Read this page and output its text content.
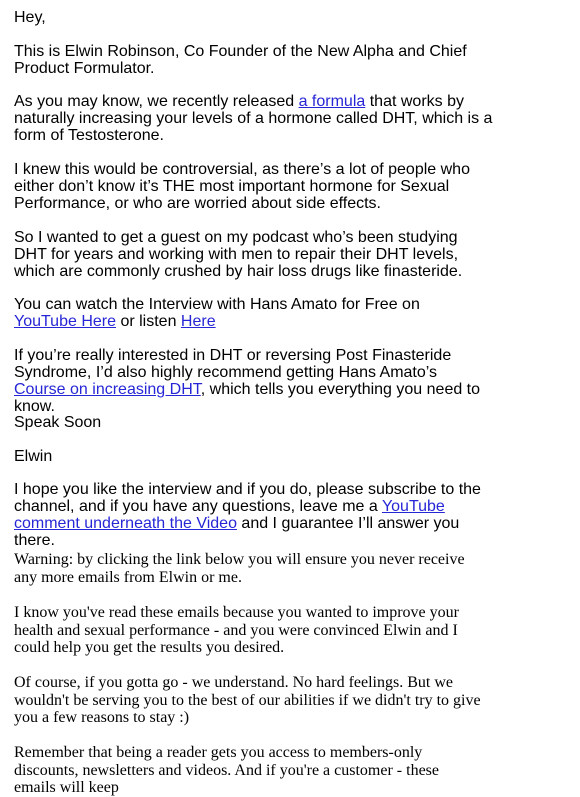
Hey,

This is Elwin Robinson, Co Founder of the New Alpha and Chief Product Formulator.

As you may know, we recently released a formula that works by naturally increasing your levels of a hormone called DHT, which is a form of Testosterone.

I knew this would be controversial, as there’s a lot of people who either don’t know it’s THE most important hormone for Sexual Performance, or who are worried about side effects.

So I wanted to get a guest on my podcast who’s been studying DHT for years and working with men to repair their DHT levels, which are commonly crushed by hair loss drugs like finasteride.

You can watch the Interview with Hans Amato for Free on YouTube Here or listen Here

If you’re really interested in DHT or reversing Post Finasteride Syndrome, I’d also highly recommend getting Hans Amato’s Course on increasing DHT, which tells you everything you need to know.

Speak Soon

Elwin

I hope you like the interview and if you do, please subscribe to the channel, and if you have any questions, leave me a YouTube comment underneath the Video and I guarantee I’ll answer you there.

Warning: by clicking the link below you will ensure you never receive any more emails from Elwin or me.

I know you've read these emails because you wanted to improve your health and sexual performance - and you were convinced Elwin and I could help you get the results you desired.

Of course, if you gotta go - we understand. No hard feelings. But we wouldn't be serving you to the best of our abilities if we didn't try to give you a few reasons to stay :)

Remember that being a reader gets you access to members-only discounts, newsletters and videos. And if you're a customer - these emails will keep
